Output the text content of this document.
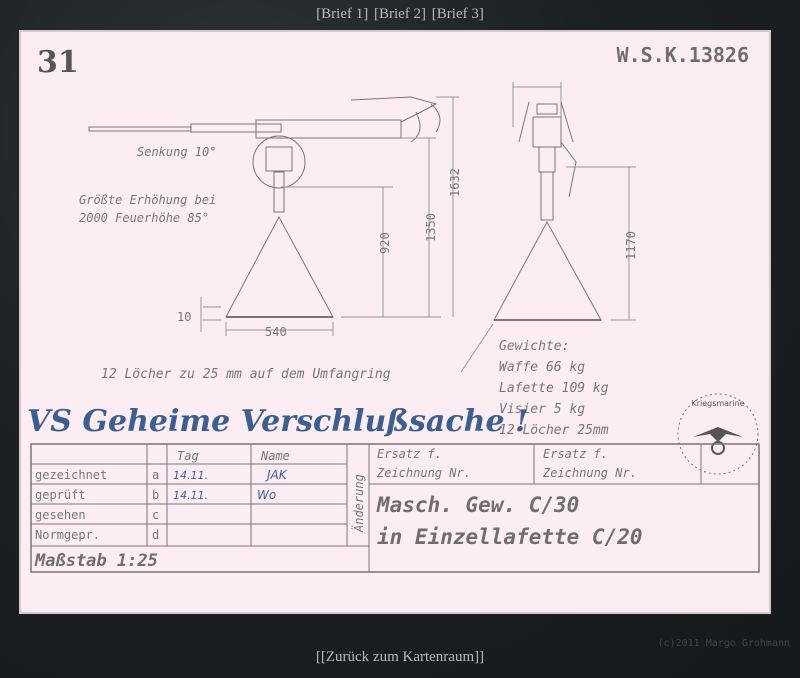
[Brief 1] [Brief 2] [Brief 3]
31	W.S.K.13826
920
1350
1632
540
10
Senkung 10°
Größte Erhöhung bei
2000 Feuerhöhe 85°
1170
12 Löcher zu 25 mm auf dem Umfangring
Gewichte:
Waffe 66 kg
Lafette 109 kg
Visier 5 kg
12 Löcher 25mm
VS Geheime Verschlußsache !
Kriegsmarine
Tag	Name
gezeichnet	a 14.11.	JAK
geprüft	b 14.11.	Wo
gesehen	c
Normgepr.	d
Änderung
Ersatz f.
Zeichnung Nr.
Ersatz f.
Zeichnung Nr.
Masch. Gew. C/30
in Einzellafette C/20
Maßstab 1:25
(c)2011 Margo Grohmann
[[Zurück zum Kartenraum]]
